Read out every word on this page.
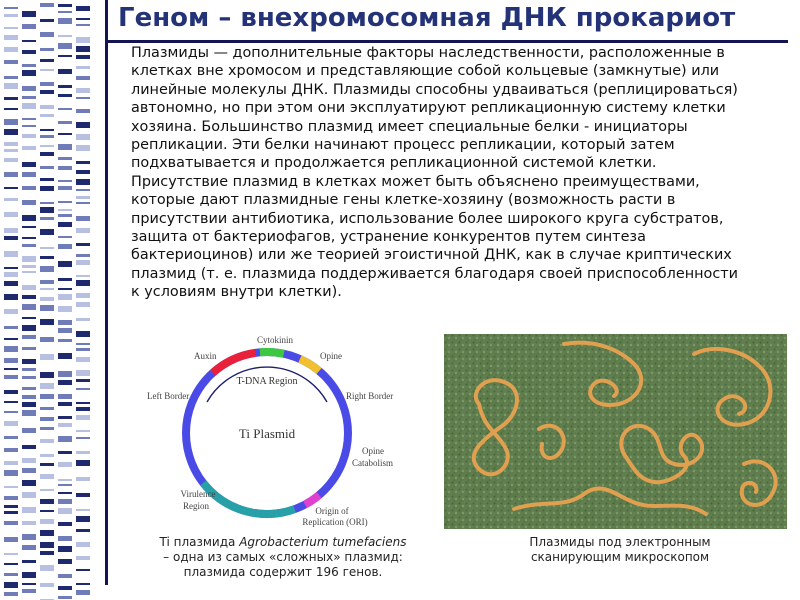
Геном – внехромосомная ДНК прокариот

Плазмиды — дополнительные факторы наследственности, расположенные в клетках вне хромосом и представляющие собой кольцевые (замкнутые) или линейные молекулы ДНК. Плазмиды способны удваиваться (реплицироваться) автономно, но при этом они эксплуатируют репликационную систему клетки хозяина. Большинство плазмид имеет специальные белки - инициаторы репликации. Эти белки начинают процесс репликации, который затем подхватывается и продолжается репликационной системой клетки.

Присутствие плазмид в клетках может быть объяснено преимуществами, которые дают плазмидные гены клетке-хозяину (возможность расти в присутствии антибиотика, использование более широкого круга субстратов, защита от бактериофагов, устранение конкурентов путем синтеза бактериоцинов) или же теорией эгоистичной ДНК, как в случае криптических плазмид (т. е. плазмида поддерживается благодаря своей приспособленности к условиям внутри клетки).

T-DNA Region
Ti Plasmid
Cytokinin
Auxin	Opine
Left Border	Right Border
Opine
Catabolism
Origin of
Replication (ORI)
Virulence
Region
Ti плазмида Agrobacterium tumefaciens
– одна из самых «сложных» плазмид:
плазмида содержит 196 генов.
Плазмиды под электронным
сканирующим микроскопом
